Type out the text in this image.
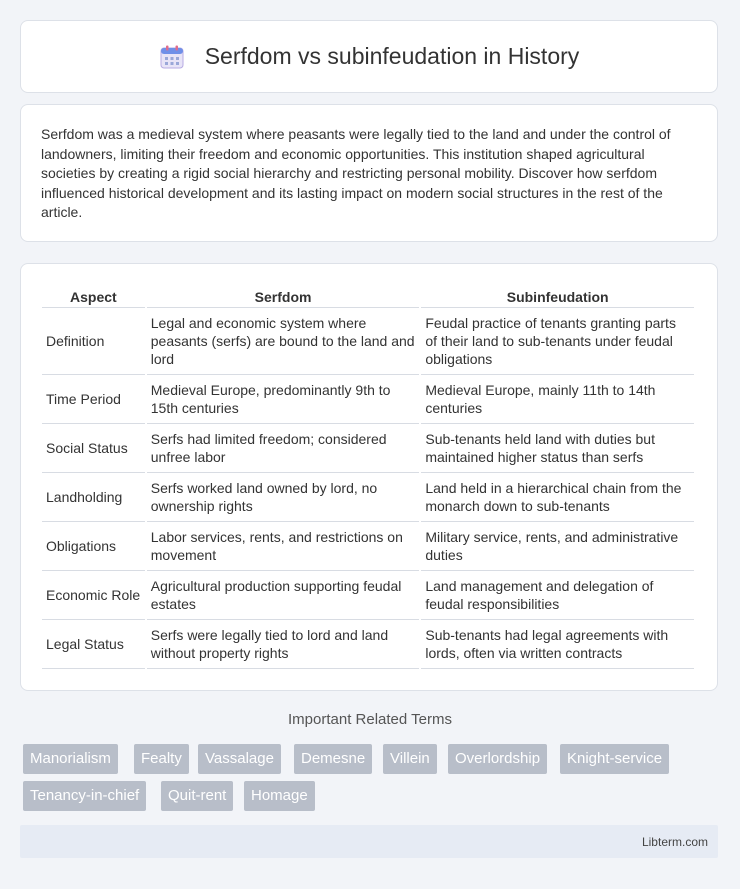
Serfdom vs subinfeudation in History

Serfdom was a medieval system where peasants were legally tied to the land and under the control of landowners, limiting their freedom and economic opportunities. This institution shaped agricultural societies by creating a rigid social hierarchy and restricting personal mobility. Discover how serfdom influenced historical development and its lasting impact on modern social structures in the rest of the article.

Aspect	Serfdom	Subinfeudation
Definition	Legal and economic system where peasants (serfs) are bound to the land and lord	Feudal practice of tenants granting parts of their land to sub-tenants under feudal obligations
Time Period	Medieval Europe, predominantly 9th to 15th centuries	Medieval Europe, mainly 11th to 14th centuries
Social Status	Serfs had limited freedom; considered unfree labor	Sub-tenants held land with duties but maintained higher status than serfs
Landholding	Serfs worked land owned by lord, no ownership rights	Land held in a hierarchical chain from the monarch down to sub-tenants
Obligations	Labor services, rents, and restrictions on movement	Military service, rents, and administrative duties
Economic Role	Agricultural production supporting feudal estates	Land management and delegation of feudal responsibilities
Legal Status	Serfs were legally tied to lord and land without property rights	Sub-tenants had legal agreements with lords, often via written contracts
Important Related Terms
Manorialism	Fealty	Vassalage	Demesne	Villein	Overlordship	Knight-service
Tenancy-in-chief	Quit-rent	Homage
Libterm.com
